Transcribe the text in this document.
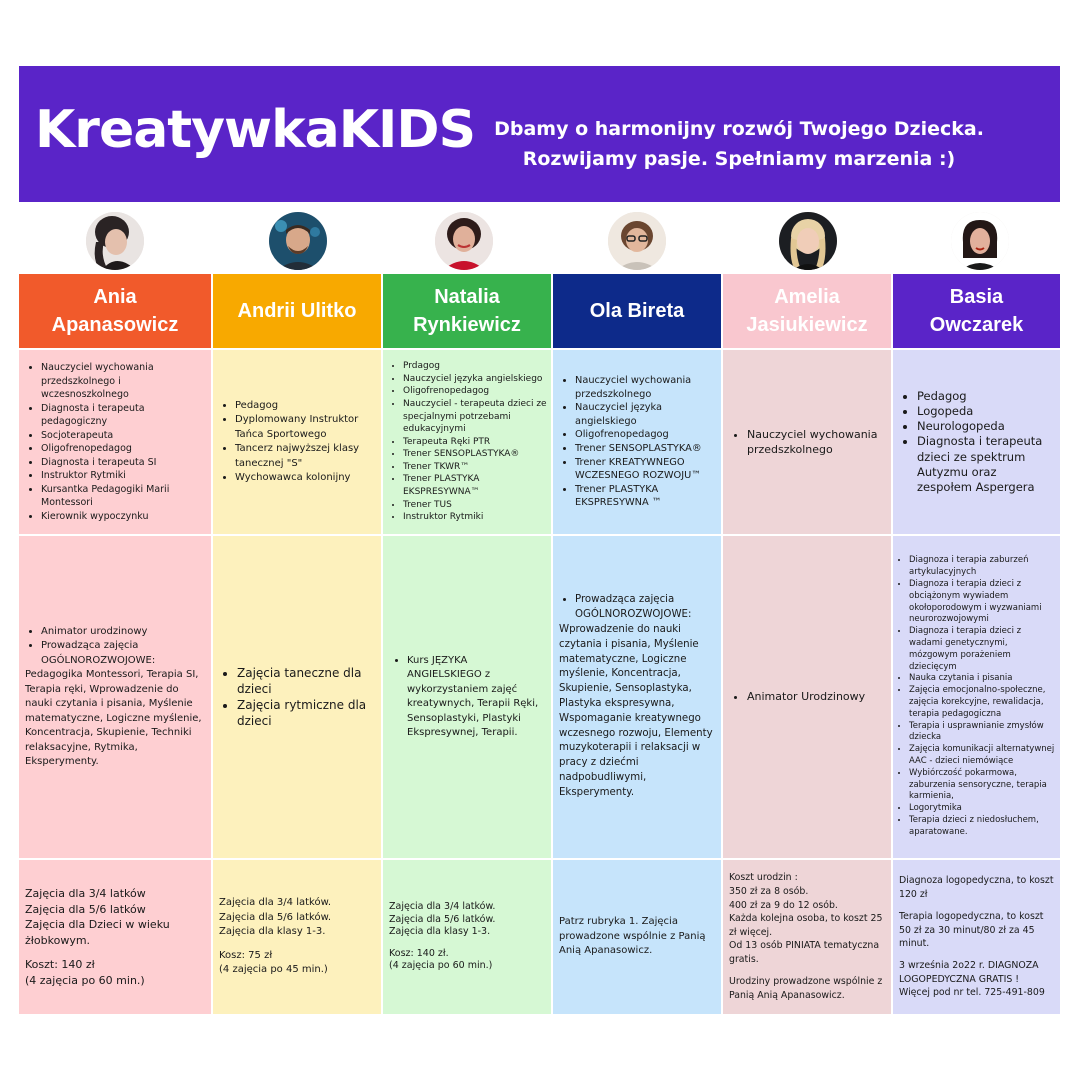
KreatywkaKIDS Dbamy o harmonijny rozwój Twojego Dziecka.
Rozwijamy pasje. Spełniamy marzenia :)
Ania
Apanasowicz
• Nauczyciel wychowania przedszkolnego i wczesnoszkolnego
• Diagnosta i terapeuta pedagogiczny
• Socjoterapeuta
• Oligofrenopedagog
• Diagnosta i terapeuta SI
• Instruktor Rytmiki
• Kursantka Pedagogiki Marii Montessori
• Kierownik wypoczynku
• Animator urodzinowy
• Prowadząca zajęcia OGÓLNOROZWOJOWE:

Pedagogika Montessori, Terapia SI, Terapia ręki, Wprowadzenie do nauki czytania i pisania, Myślenie matematyczne, Logiczne myślenie, Koncentracja, Skupienie, Techniki relaksacyjne, Rytmika, Eksperymenty.

Zajęcia dla 3/4 latków

Zajęcia dla 5/6 latków

Zajęcia dla Dzieci w wieku żłobkowym.

Koszt: 140 zł

(4 zajęcia po 60 min.)

Andrii Ulitko
• Pedagog
• Dyplomowany Instruktor Tańca Sportowego
• Tancerz najwyższej klasy tanecznej "S"
• Wychowawca kolonijny
• Zajęcia taneczne dla dzieci
• Zajęcia rytmiczne dla dzieci

Zajęcia dla 3/4 latków.

Zajęcia dla 5/6 latków.

Zajęcia dla klasy 1-3.

Kosz: 75 zł

(4 zajęcia po 45 min.)

Natalia
Rynkiewicz
• Prdagog
• Nauczyciel języka angielskiego
• Oligofrenopedagog
• Nauczyciel - terapeuta dzieci ze specjalnymi potrzebami edukacyjnymi
• Terapeuta Ręki PTR
• Trener SENSOPLASTYKA®
• Trener TKWR™
• Trener PLASTYKA EKSPRESYWNA™
• Trener TUS
• Instruktor Rytmiki
• Kurs JĘZYKA ANGIELSKIEGO z wykorzystaniem zajęć kreatywnych, Terapii Ręki, Sensoplastyki, Plastyki Ekspresywnej, Terapii.

Zajęcia dla 3/4 latków.

Zajęcia dla 5/6 latków.

Zajęcia dla klasy 1-3.

Kosz: 140 zł.

(4 zajęcia po 60 min.)

Ola Bireta
• Nauczyciel wychowania przedszkolnego
• Nauczyciel języka angielskiego
• Oligofrenopedagog
• Trener SENSOPLASTYKA®
• Trener KREATYWNEGO WCZESNEGO ROZWOJU™
• Trener PLASTYKA EKSPRESYWNA ™
• Prowadząca zajęcia OGÓLNOROZWOJOWE:

Wprowadzenie do nauki czytania i pisania, Myślenie matematyczne, Logiczne myślenie, Koncentracja, Skupienie, Sensoplastyka, Plastyka ekspresywna, Wspomaganie kreatywnego wczesnego rozwoju, Elementy muzykoterapii i relaksacji w pracy z dziećmi nadpobudliwymi, Eksperymenty.

Patrz rubryka 1. Zajęcia prowadzone wspólnie z Panią Anią Apanasowicz.

Amelia
Jasiukiewicz
• Nauczyciel wychowania przedszkolnego
• Animator Urodzinowy

Koszt urodzin :

350 zł za 8 osób.

400 zł za 9 do 12 osób.

Każda kolejna osoba, to koszt 25 zł więcej.

Od 13 osób PINIATA tematyczna gratis.

Urodziny prowadzone wspólnie z Panią Anią Apanasowicz.

Basia
Owczarek
• Pedagog
• Logopeda
• Neurologopeda
• Diagnosta i terapeuta dzieci ze spektrum Autyzmu oraz zespołem Aspergera
• Diagnoza i terapia zaburzeń artykulacyjnych
• Diagnoza i terapia dzieci z obciążonym wywiadem okołoporodowym i wyzwaniami neurorozwojowymi
• Diagnoza i terapia dzieci z wadami genetycznymi, mózgowym porażeniem dziecięcym
• Nauka czytania i pisania
• Zajęcia emocjonalno-społeczne, zajęcia korekcyjne, rewalidacja, terapia pedagogiczna
• Terapia i usprawnianie zmysłów dziecka
• Zajęcia komunikacji alternatywnej AAC - dzieci niemówiące
• Wybiórczość pokarmowa, zaburzenia sensoryczne, terapia karmienia,
• Logorytmika
• Terapia dzieci z niedosłuchem, aparatowane.

Diagnoza logopedyczna, to koszt 120 zł

Terapia logopedyczna, to koszt 50 zł za 30 minut/80 zł za 45 minut.

3 września 2o22 r. DIAGNOZA LOGOPEDYCZNA GRATIS !

Więcej pod nr tel. 725-491-809
